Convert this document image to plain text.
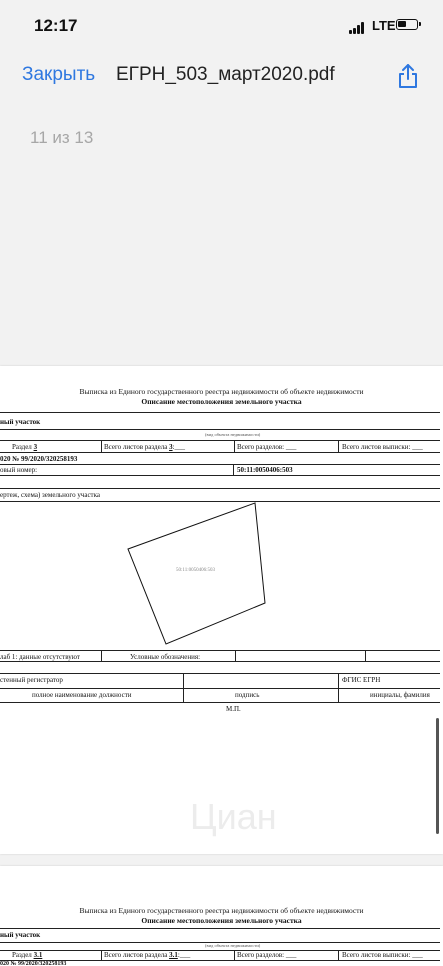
12:17	LTE
Закрыть ЕГРН_503_март2020.pdf
11 из 13
Выписка из Единого государственного реестра недвижимости об объекте недвижимости
Описание местоположения земельного участка
ный участок
(вид объекта недвижимости)
Раздел 3	Всего листов раздела 3:___	Всего разделов: ___	Всего листов выписки: ___
020 № 99/2020/320258193
овый номер:	50:11:0050406:503
ертеж, схема) земельного участка
50:11:0050406:503
лаб 1: данные отсутствуют	Условные обозначения:
стенный регистратор	ФГИС ЕГРН
полное наименование должности	подпись	инициалы, фамилия
М.П.
Циан
Выписка из Единого государственного реестра недвижимости об объекте недвижимости
Описание местоположения земельного участка
ный участок
(вид объекта недвижимости)
Раздел 3.1	Всего листов раздела 3.1:___	Всего разделов: ___	Всего листов выписки: ___
020 № 99/2020/320258193
